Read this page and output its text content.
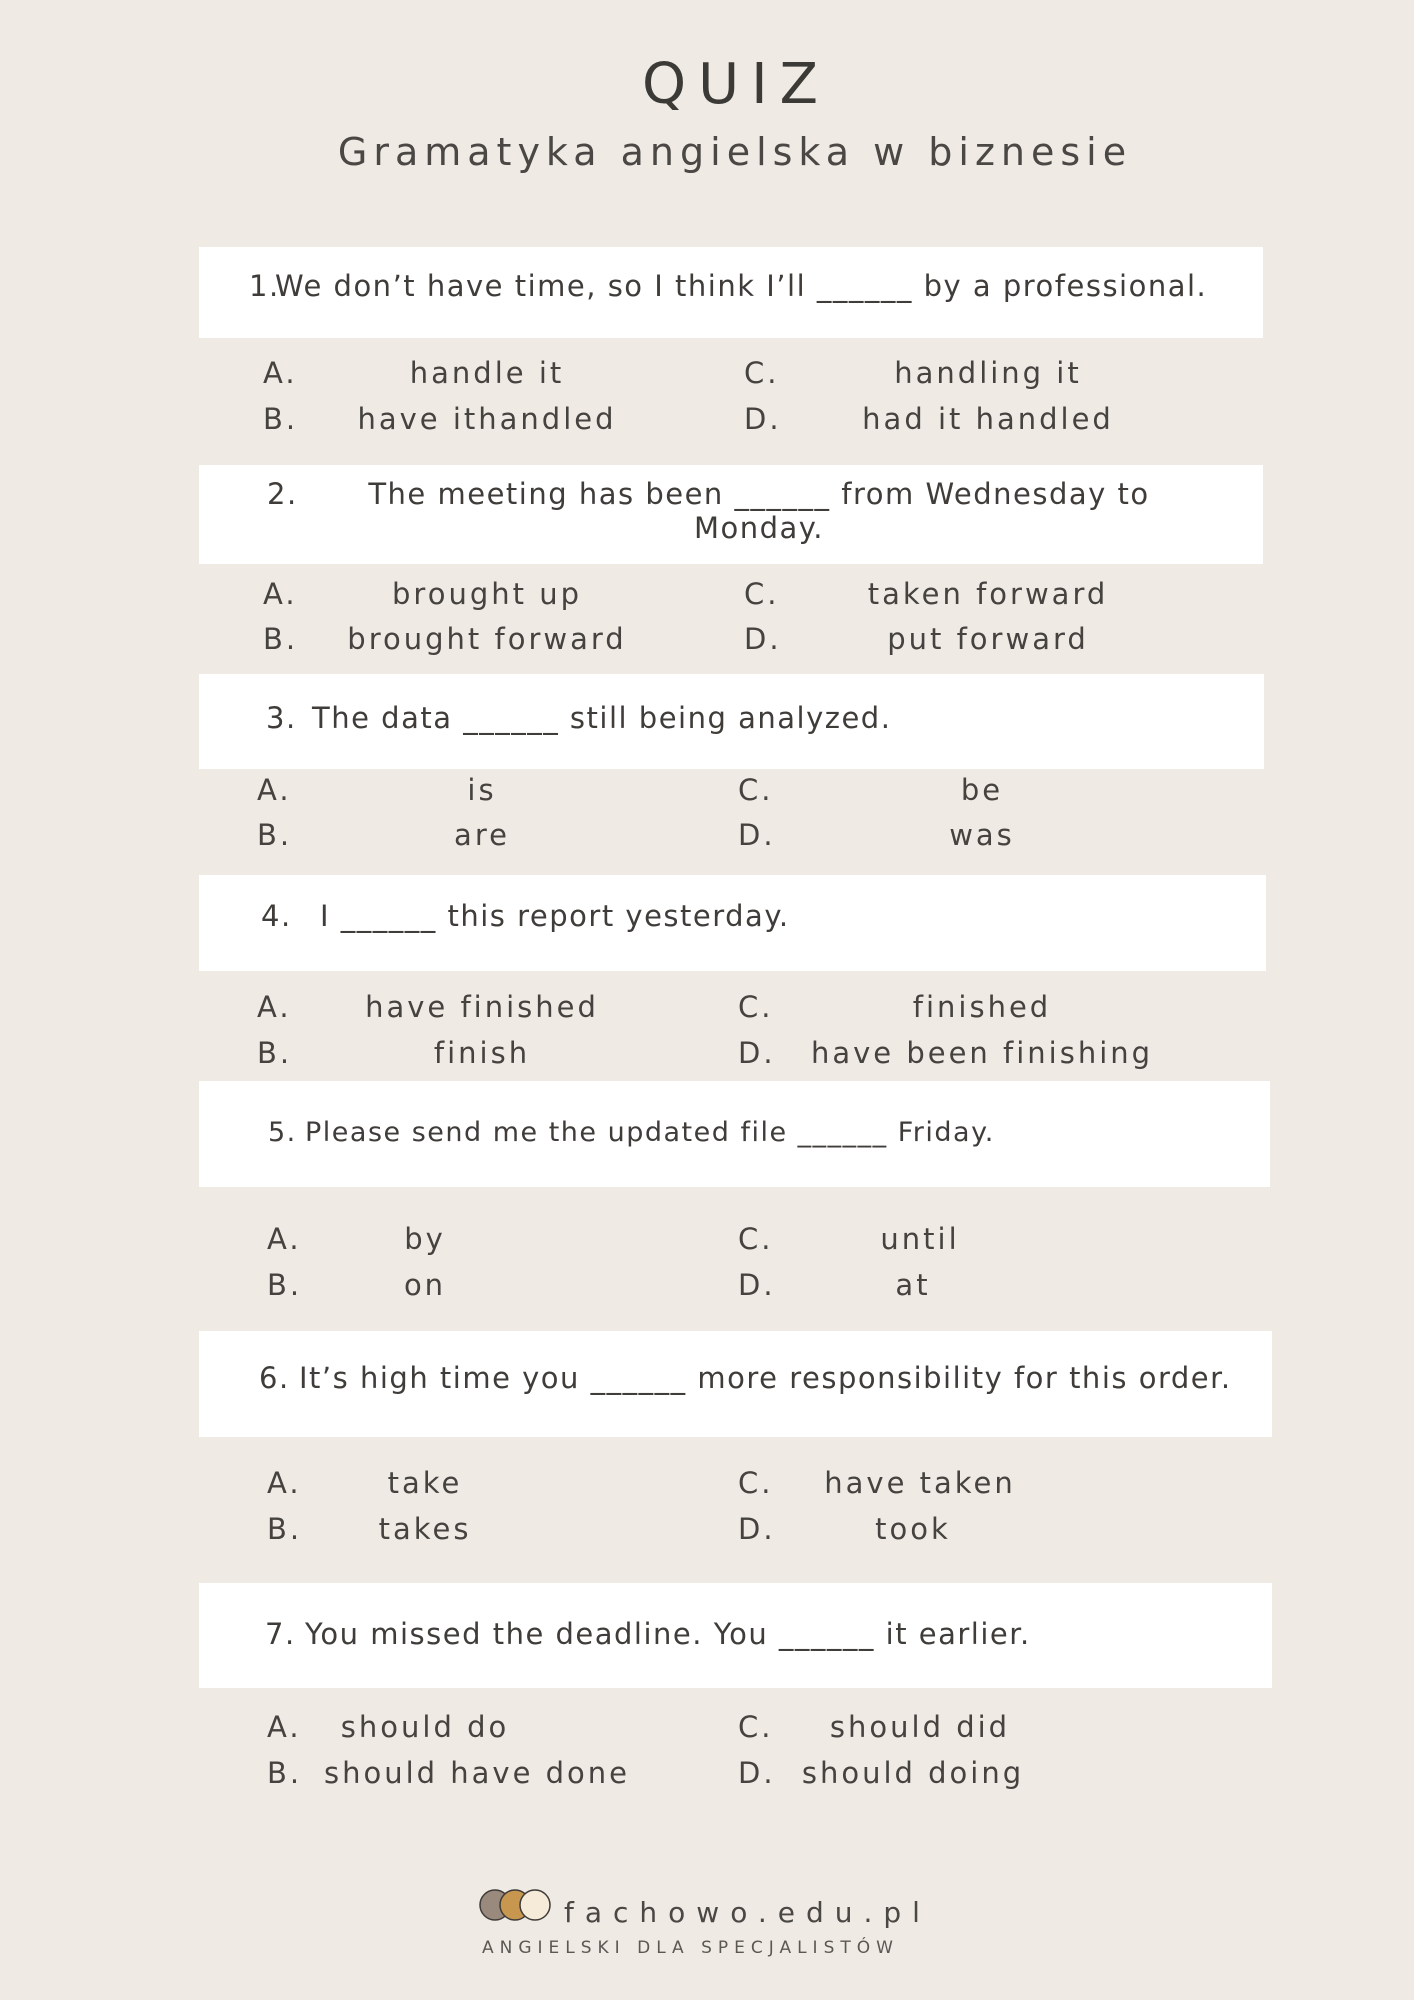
QUIZ
Gramatyka angielska w biznesie
1.
We don’t have time, so I think I’ll ______ by a professional.
A.	handle it
B. have ithandled
C.	handling it
D.	had it handled
2.	The meeting has been ______ from Wednesday to Monday.
A.	brought up
B. brought forward
C.	taken forward
D.	put forward
3. The data ______ still being analyzed.
A.	is
B.	are
C.	be
D.	was
4. I ______ this report yesterday.
A.	have finished
B.	finish
C.	finished
D. have been finishing
5. Please send me the updated file ______ Friday.
A.	by
B.	on
C.	until
D.	at
6. It’s high time you ______ more responsibility for this order.
A.	take
B.	takes
C. have taken
D.	took
7. You missed the deadline. You ______ it earlier.
A. should do
B. should have done
C. should did
D. should doing
fachowo.edu.pl
ANGIELSKI DLA SPECJALISTÓW
